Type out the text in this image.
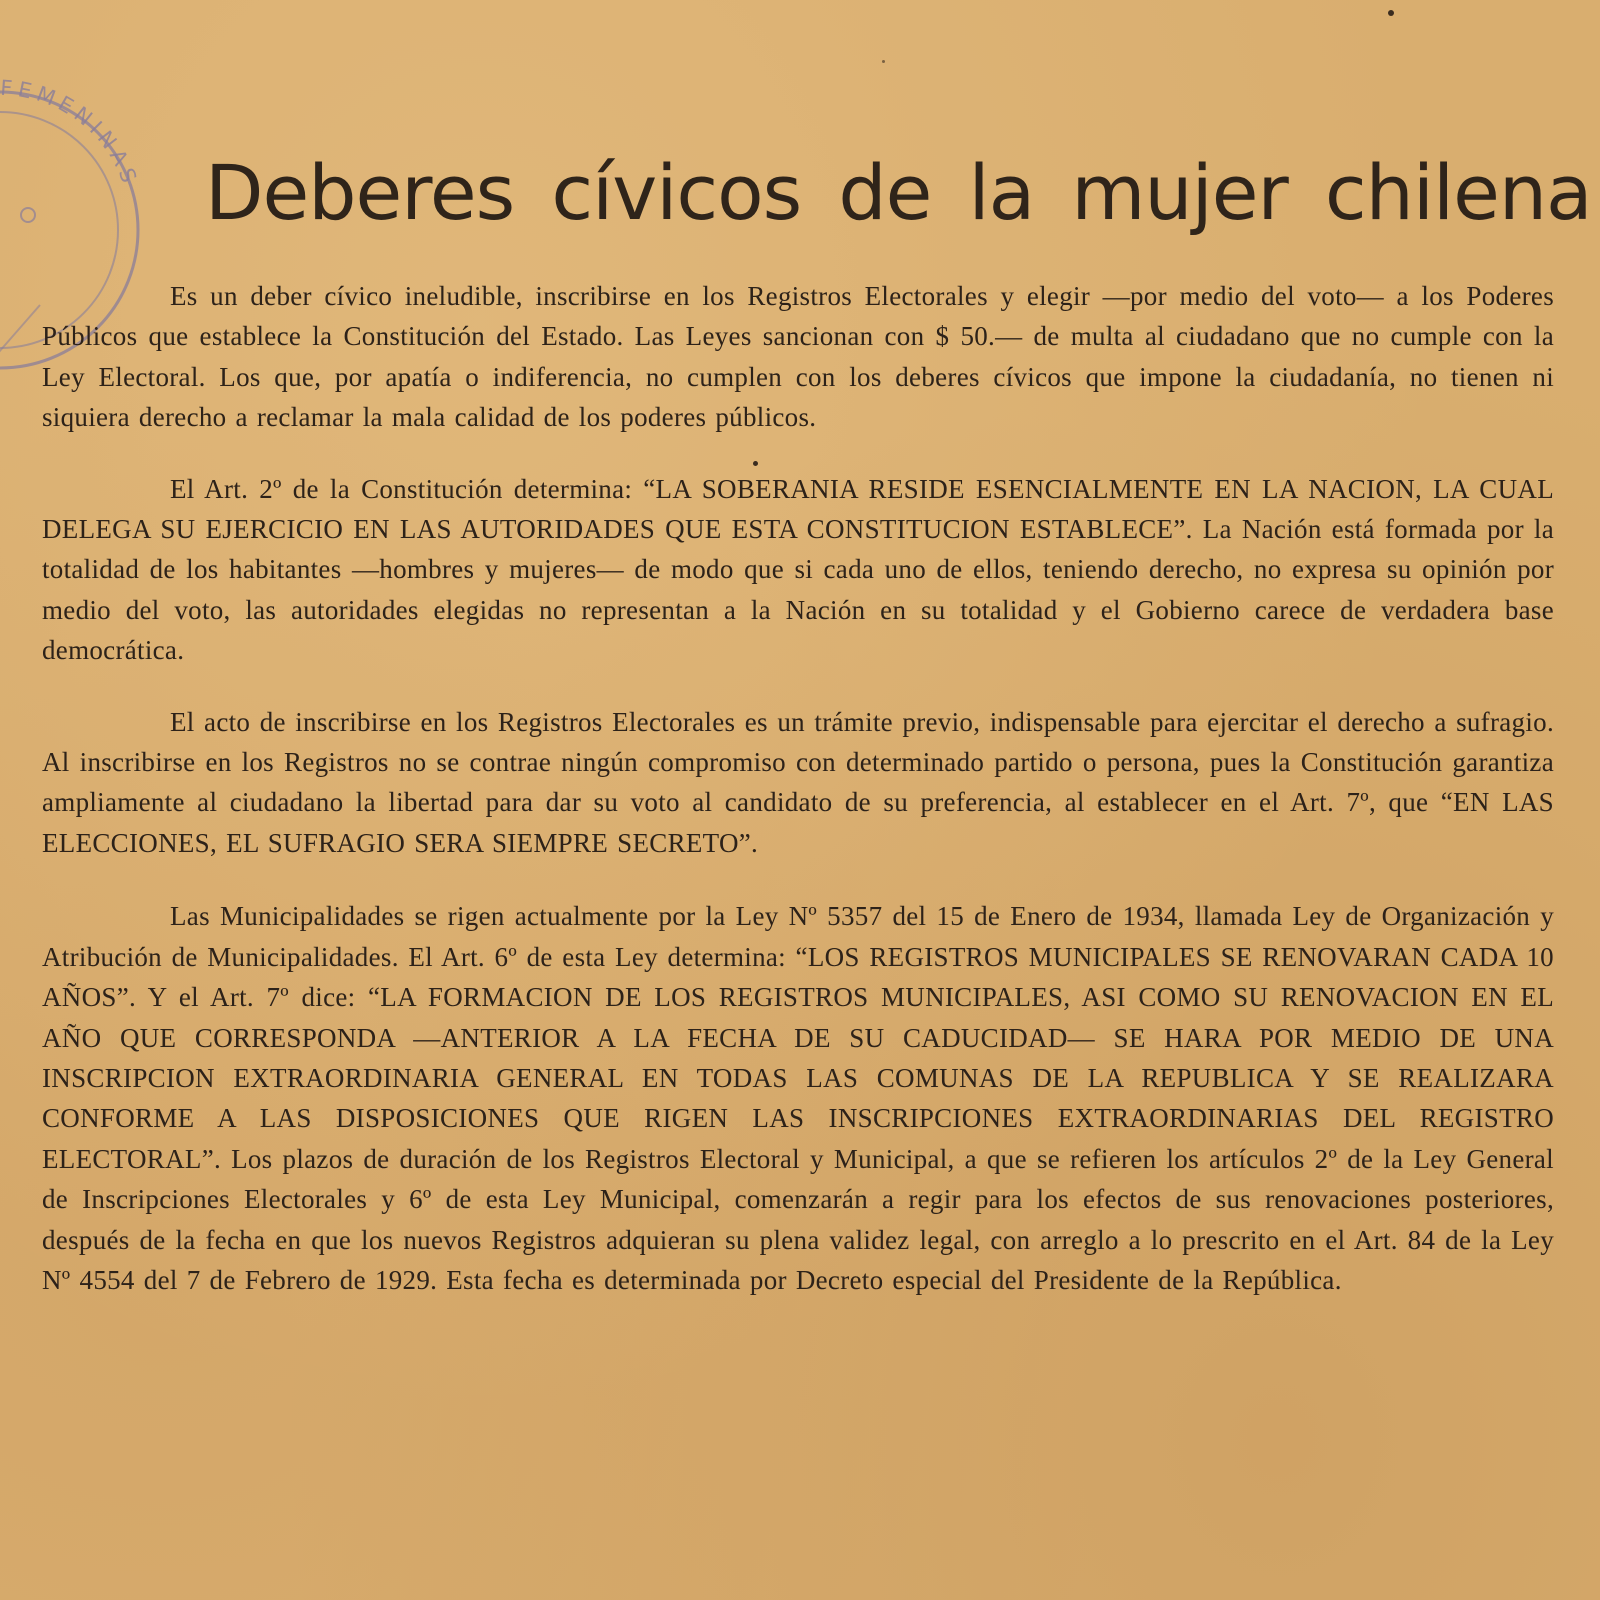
FEMENINAS Deberes cívicos de la mujer chilena

Es un deber cívico ineludible, inscribirse en los Registros Electorales y elegir —por medio del voto— a los Poderes Públicos que establece la Constitución del Estado. Las Leyes sancionan con $ 50.— de multa al ciudadano que no cumple con la Ley Electoral. Los que, por apatía o indiferencia, no cumplen con los deberes cívicos que impone la ciudadanía, no tienen ni siquiera derecho a reclamar la mala calidad de los poderes públicos.

El Art. 2º de la Constitución determina: “LA SOBERANIA RESIDE ESENCIALMENTE EN LA NACION, LA CUAL DELEGA SU EJERCICIO EN LAS AUTORIDADES QUE ESTA CONSTITUCION ESTABLECE”. La Nación está formada por la totalidad de los habitantes —hombres y mujeres— de modo que si cada uno de ellos, teniendo derecho, no expresa su opinión por medio del voto, las autoridades elegidas no representan a la Nación en su totalidad y el Gobierno carece de verdadera base democrática.

El acto de inscribirse en los Registros Electorales es un trámite previo, indispensable para ejercitar el derecho a sufragio. Al inscribirse en los Registros no se contrae ningún compromiso con determinado partido o persona, pues la Constitución garantiza ampliamente al ciudadano la libertad para dar su voto al candidato de su preferencia, al establecer en el Art. 7º, que “EN LAS ELECCIONES, EL SUFRAGIO SERA SIEMPRE SECRETO”.

Las Municipalidades se rigen actualmente por la Ley Nº 5357 del 15 de Enero de 1934, llamada Ley de Organización y Atribución de Municipalidades. El Art. 6º de esta Ley determina: “LOS REGISTROS MUNICIPALES SE RENOVARAN CADA 10 AÑOS”. Y el Art. 7º dice: “LA FORMACION DE LOS REGISTROS MUNICIPALES, ASI COMO SU RENOVACION EN EL AÑO QUE CORRESPONDA —ANTERIOR A LA FECHA DE SU CADUCIDAD— SE HARA POR MEDIO DE UNA INSCRIPCION EXTRAORDINARIA GENERAL EN TODAS LAS COMUNAS DE LA REPUBLICA Y SE REALIZARA CONFORME A LAS DISPOSICIONES QUE RIGEN LAS INSCRIPCIONES EXTRAORDINARIAS DEL REGISTRO ELECTORAL”. Los plazos de duración de los Registros Electoral y Municipal, a que se refieren los artículos 2º de la Ley General de Inscripciones Electorales y 6º de esta Ley Municipal, comenzarán a regir para los efectos de sus renovaciones posteriores, después de la fecha en que los nuevos Registros adquieran su plena validez legal, con arreglo a lo prescrito en el Art. 84 de la Ley Nº 4554 del 7 de Febrero de 1929. Esta fecha es determinada por Decreto especial del Presidente de la República.
